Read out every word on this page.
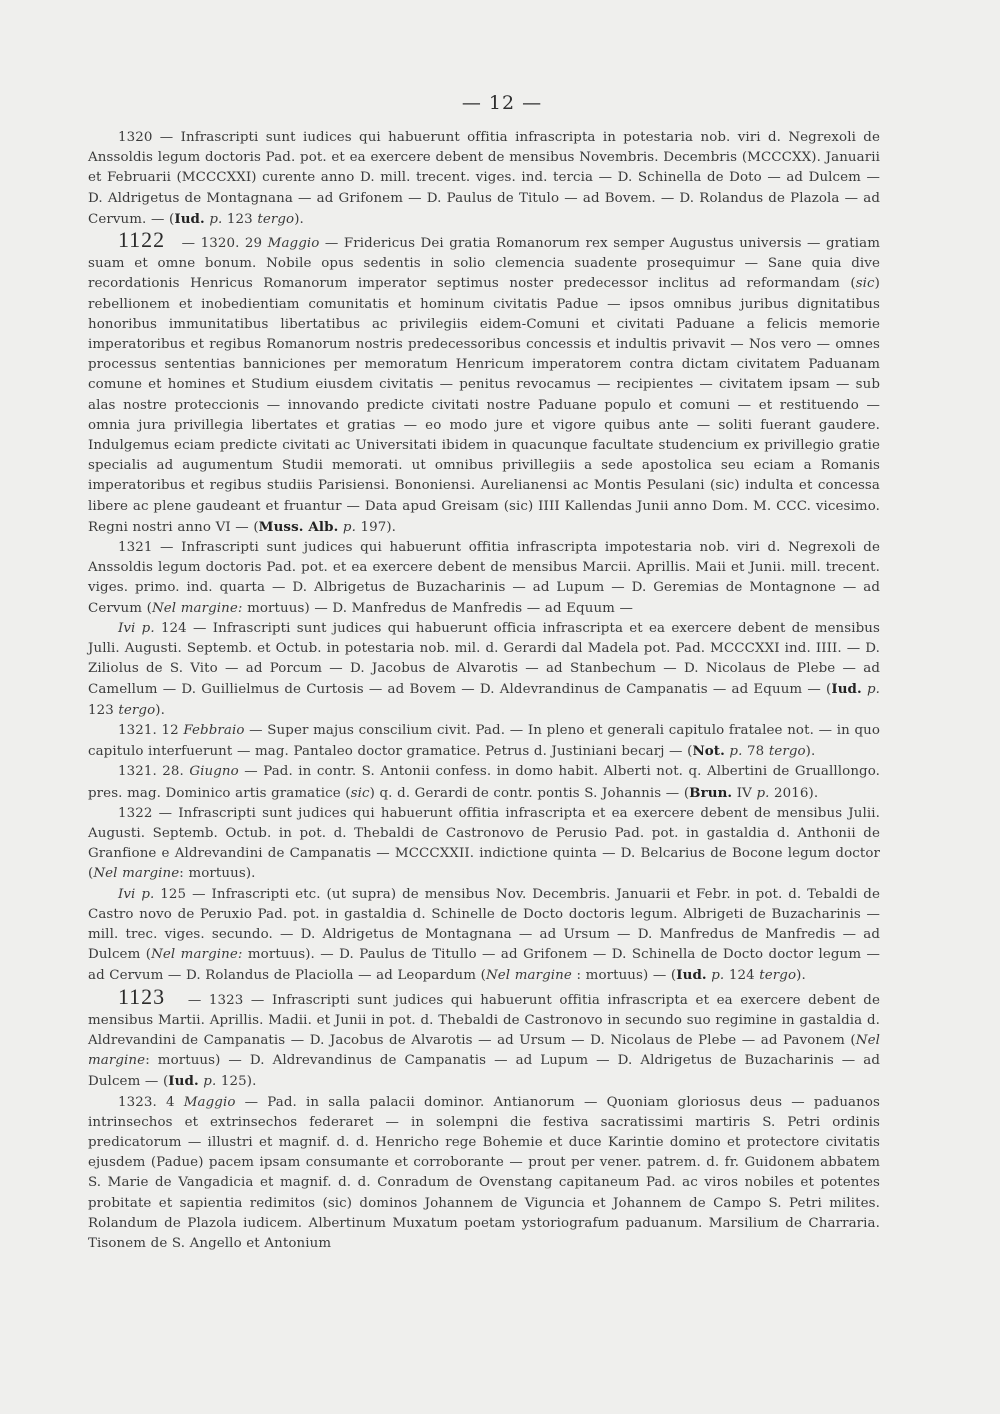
— 12 —

1320 — Infrascripti sunt iudices qui habuerunt offitia infrascripta in potestaria nob. viri d. Negrexoli de Anssoldis legum doctoris Pad. pot. et ea exercere debent de mensibus Novembris. Decembris (MCCCXX). Januarii et Februarii (MCCCXXI) curente anno D. mill. trecent. viges. ind. tercia — D. Schinella de Doto — ad Dulcem — D. Aldrigetus de Montagnana — ad Grifonem — D. Paulus de Titulo — ad Bovem. — D. Rolandus de Plazola — ad Cervum. — (Iud. p. 123 tergo).

1122 — 1320. 29 Maggio — Fridericus Dei gratia Romanorum rex semper Augustus universis — gratiam suam et omne bonum. Nobile opus sedentis in solio clemencia suadente prosequimur — Sane quia dive recordationis Henricus Romanorum imperator septimus noster predecessor inclitus ad reformandam (sic) rebellionem et inobedientiam comunitatis et hominum civitatis Padue — ipsos omnibus juribus dignitatibus honoribus immunitatibus libertatibus ac privilegiis eidem-Comuni et civitati Paduane a felicis memorie imperatoribus et regibus Romanorum nostris predecessoribus concessis et indultis privavit — Nos vero — omnes processus sententias banniciones per memoratum Henricum imperatorem contra dictam civitatem Paduanam comune et homines et Studium eiusdem civitatis — penitus revocamus — recipientes — civitatem ipsam — sub alas nostre proteccionis — innovando predicte civitati nostre Paduane populo et comuni — et restituendo — omnia jura privillegia libertates et gratias — eo modo jure et vigore quibus ante — soliti fuerant gaudere. Indulgemus eciam predicte civitati ac Universitati ibidem in quacunque facultate studencium ex privillegio gratie specialis ad augumentum Studii memorati. ut omnibus privillegiis a sede apostolica seu eciam a Romanis imperatoribus et regibus studiis Parisiensi. Bononiensi. Aurelianensi ac Montis Pesulani (sic) indulta et concessa libere ac plene gaudeant et fruantur — Data apud Greisam (sic) IIII Kallendas Junii anno Dom. M. CCC. vicesimo. Regni nostri anno VI — (Muss. Alb. p. 197).

1321 — Infrascripti sunt judices qui habuerunt offitia infrascripta impotestaria nob. viri d. Negrexoli de Anssoldis legum doctoris Pad. pot. et ea exercere debent de mensibus Marcii. Aprillis. Maii et Junii. mill. trecent. viges. primo. ind. quarta — D. Albrigetus de Buzacharinis — ad Lupum — D. Geremias de Montagnone — ad Cervum (Nel margine: mortuus) — D. Manfredus de Manfredis — ad Equum —

Ivi p. 124 — Infrascripti sunt judices qui habuerunt officia infrascripta et ea exercere debent de mensibus Julli. Augusti. Septemb. et Octub. in potestaria nob. mil. d. Gerardi dal Madela pot. Pad. MCCCXXI ind. IIII. — D. Ziliolus de S. Vito — ad Porcum — D. Jacobus de Alvarotis — ad Stanbechum — D. Nicolaus de Plebe — ad Camellum — D. Guillielmus de Curtosis — ad Bovem — D. Aldevrandinus de Campanatis — ad Equum — (Iud. p. 123 tergo).

1321. 12 Febbraio — Super majus conscilium civit. Pad. — In pleno et generali capitulo fratalee not. — in quo capitulo interfuerunt — mag. Pantaleo doctor gramatice. Petrus d. Justiniani becarj — (Not. p. 78 tergo).

1321. 28. Giugno — Pad. in contr. S. Antonii confess. in domo habit. Alberti not. q. Albertini de Grualllongo. pres. mag. Dominico artis gramatice (sic) q. d. Gerardi de contr. pontis S. Johannis — (Brun. IV p. 2016).

1322 — Infrascripti sunt judices qui habuerunt offitia infrascripta et ea exercere debent de mensibus Julii. Augusti. Septemb. Octub. in pot. d. Thebaldi de Castronovo de Perusio Pad. pot. in gastaldia d. Anthonii de Granfione e Aldrevandini de Campanatis — MCCCXXII. indictione quinta — D. Belcarius de Bocone legum doctor (Nel margine: mortuus).

Ivi p. 125 — Infrascripti etc. (ut supra) de mensibus Nov. Decembris. Januarii et Febr. in pot. d. Tebaldi de Castro novo de Peruxio Pad. pot. in gastaldia d. Schinelle de Docto doctoris legum. Albrigeti de Buzacharinis — mill. trec. viges. secundo. — D. Aldrigetus de Montagnana — ad Ursum — D. Manfredus de Manfredis — ad Dulcem (Nel margine: mortuus). — D. Paulus de Titullo — ad Grifonem — D. Schinella de Docto doctor legum — ad Cervum — D. Rolandus de Placiolla — ad Leopardum (Nel margine : mortuus) — (Iud. p. 124 tergo).

1123 — 1323 — Infrascripti sunt judices qui habuerunt offitia infrascripta et ea exercere debent de mensibus Martii. Aprillis. Madii. et Junii in pot. d. Thebaldi de Castronovo in secundo suo regimine in gastaldia d. Aldrevandini de Campanatis — D. Jacobus de Alvarotis — ad Ursum — D. Nicolaus de Plebe — ad Pavonem (Nel margine: mortuus) — D. Aldrevandinus de Campanatis — ad Lupum — D. Aldrigetus de Buzacharinis — ad Dulcem — (Iud. p. 125).

1323. 4 Maggio — Pad. in salla palacii dominor. Antianorum — Quoniam gloriosus deus — paduanos intrinsechos et extrinsechos federaret — in solempni die festiva sacratissimi martiris S. Petri ordinis predicatorum — illustri et magnif. d. d. Henricho rege Bohemie et duce Karintie domino et protectore civitatis ejusdem (Padue) pacem ipsam consumante et corroborante — prout per vener. patrem. d. fr. Guidonem abbatem S. Marie de Vangadicia et magnif. d. d. Conradum de Ovenstang capitaneum Pad. ac viros nobiles et potentes probitate et sapientia redimitos (sic) dominos Johannem de Viguncia et Johannem de Campo S. Petri milites. Rolandum de Plazola iudicem. Albertinum Muxatum poetam ystoriografum paduanum. Marsilium de Charraria. Tisonem de S. Angello et Antonium
